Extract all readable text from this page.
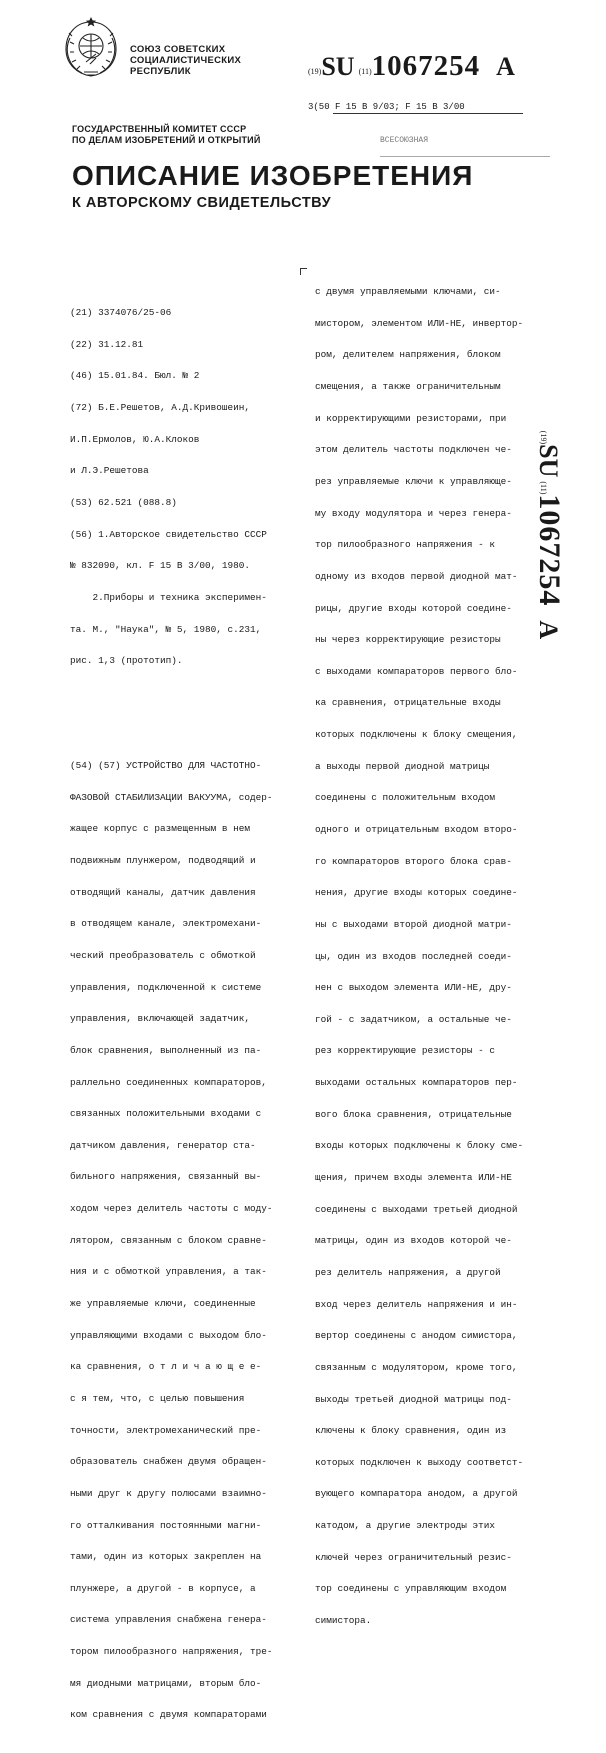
СОЮЗ СОВЕТСКИХ
СОЦИАЛИСТИЧЕСКИХ
РЕСПУБЛИК	(19)SU (11)1067254 A
3(50 F 15 B 9/03; F 15 B 3/00
ГОСУДАРСТВЕННЫЙ КОМИТЕТ СССР
ПО ДЕЛАМ ИЗОБРЕТЕНИЙ И ОТКРЫТИЙ	ВСЕСОЮЗНАЯ
ОПИСАНИЕ ИЗОБРЕТЕНИЯ
К АВТОРСКОМУ СВИДЕТЕЛЬСТВУ

(21) 3374076/25-06

(22) 31.12.81

(46) 15.01.84. Бюл. № 2

(72) Б.Е.Решетов, А.Д.Кривошеин,

И.П.Ермолов, Ю.А.Клоков

и Л.Э.Решетова

(53) 62.521 (088.8)

(56) 1.Авторское свидетельство СССР

№ 832090, кл. F 15 В 3/00, 1980.

2.Приборы и техника эксперимен-

та. М., "Наука", № 5, 1980, с.231,

рис. 1,3 (прототип).

(54) (57) УСТРОЙСТВО ДЛЯ ЧАСТОТНО-

ФАЗОВОЙ СТАБИЛИЗАЦИИ ВАКУУМА, содер-

жащее корпус с размещенным в нем

подвижным плунжером, подводящий и

отводящий каналы, датчик давления

в отводящем канале, электромехани-

ческий преобразователь с обмоткой

управления, подключенной к системе

управления, включающей задатчик,

блок сравнения, выполненный из па-

раллельно соединенных компараторов,

связанных положительными входами с

датчиком давления, генератор ста-

бильного напряжения, связанный вы-

ходом через делитель частоты с моду-

лятором, связанным с блоком сравне-

ния и с обмоткой управления, а так-

же управляемые ключи, соединенные

управляющими входами с выходом бло-

ка сравнения, о т л и ч а ю щ е е-

с я тем, что, с целью повышения

точности, электромеханический пре-

образователь снабжен двумя обращен-

ными друг к другу полюсами взаимно-

го отталкивания постоянными магни-

тами, один из которых закреплен на

плунжере, а другой - в корпусе, а

система управления снабжена генера-

тором пилообразного напряжения, тре-

мя диодными матрицами, вторым бло-

ком сравнения с двумя компараторами

с двумя управляемыми ключами, си-

мистором, элементом ИЛИ-НЕ, инвертор-

ром, делителем напряжения, блоком

смещения, а также ограничительным

и корректирующими резисторами, при

этом делитель частоты подключен че-

рез управляемые ключи к управляюще-

му входу модулятора и через генера-

тор пилообразного напряжения - к

одному из входов первой диодной мат-

рицы, другие входы которой соедине-

ны через корректирующие резисторы

с выходами компараторов первого бло-

ка сравнения, отрицательные входы

которых подключены к блоку смещения,

а выходы первой диодной матрицы

соединены с положительным входом

одного и отрицательным входом второ-

го компараторов второго блока срав-

нения, другие входы которых соедине-

ны с выходами второй диодной матри-

цы, один из входов последней соеди-

нен с выходом элемента ИЛИ-НЕ, дру-

гой - с задатчиком, а остальные че-

рез корректирующие резисторы - с

выходами остальных компараторов пер-

вого блока сравнения, отрицательные

входы которых подключены к блоку сме-

щения, причем входы элемента ИЛИ-НЕ

соединены с выходами третьей диодной

матрицы, один из входов которой че-

рез делитель напряжения, а другой

вход через делитель напряжения и ин-

вертор соединены с анодом симистора,

связанным с модулятором, кроме того,

выходы третьей диодной матрицы под-

ключены к блоку сравнения, один из

которых подключен к выходу соответст-

вующего компаратора анодом, а другой

катодом, а другие электроды этих

ключей через ограничительный резис-

тор соединены с управляющим входом

симистора.

(19)SU (11)1067254 A
